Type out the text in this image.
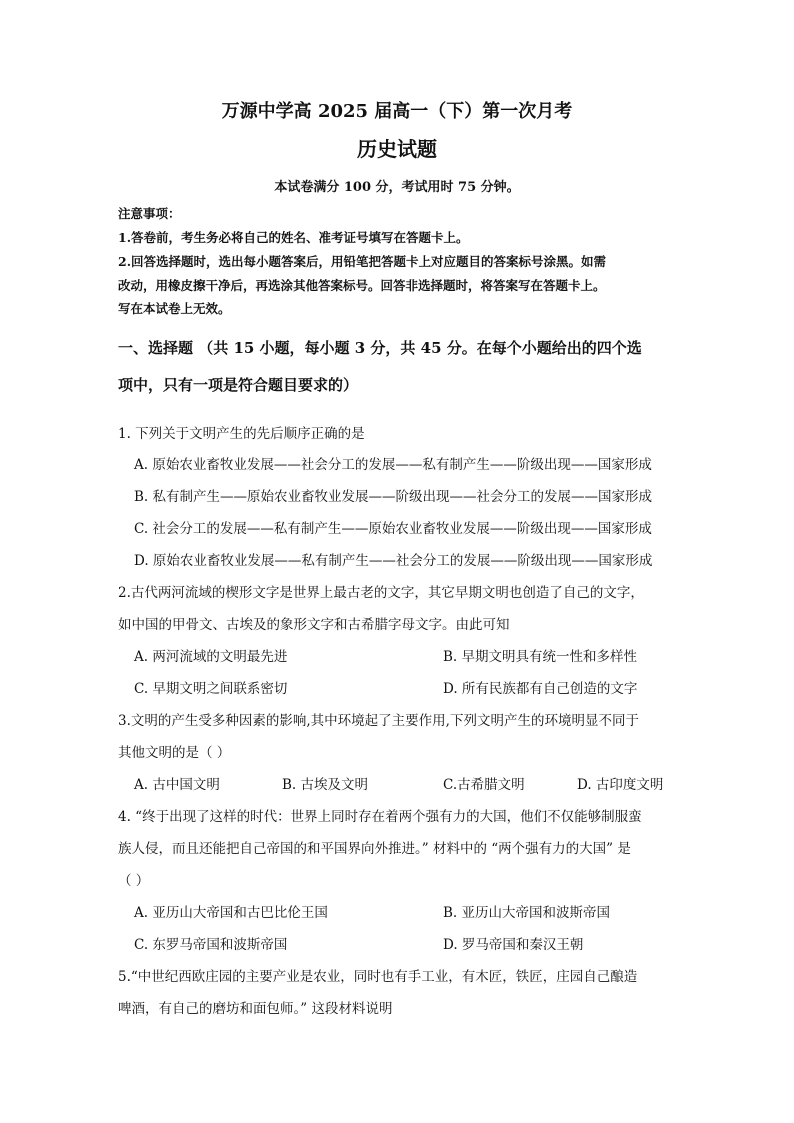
万源中学高 2025 届高一（下）第一次月考
历史试题
本试卷满分 100 分，考试用时 75 分钟。
注意事项：
1.答卷前，考生务必将自己的姓名、准考证号填写在答题卡上。
2.回答选择题时，选出每小题答案后，用铅笔把答题卡上对应题目的答案标号涂黑。如需
改动，用橡皮擦干净后，再选涂其他答案标号。回答非选择题时，将答案写在答题卡上。
写在本试卷上无效。
一、选择题 （共 15 小题，每小题 3 分，共 45 分。在每个小题给出的四个选
项中，只有一项是符合题目要求的）
1. 下列关于文明产生的先后顺序正确的是
A. 原始农业畜牧业发展——社会分工的发展——私有制产生——阶级出现——国家形成
B. 私有制产生——原始农业畜牧业发展——阶级出现——社会分工的发展——国家形成
C. 社会分工的发展——私有制产生——原始农业畜牧业发展——阶级出现——国家形成
D. 原始农业畜牧业发展——私有制产生——社会分工的发展——阶级出现——国家形成
2.古代两河流域的楔形文字是世界上最古老的文字，其它早期文明也创造了自己的文字，
如中国的甲骨文、古埃及的象形文字和古希腊字母文字。由此可知
A. 两河流域的文明最先进	B. 早期文明具有统一性和多样性
C. 早期文明之间联系密切	D. 所有民族都有自己创造的文字
3.文明的产生受多种因素的影响,其中环境起了主要作用,下列文明产生的环境明显不同于
其他文明的是（ ）
A. 古中国文明	B. 古埃及文明	C.古希腊文明	D. 古印度文明
4. “终于出现了这样的时代：世界上同时存在着两个强有力的大国，他们不仅能够制服蛮
族人侵，而且还能把自己帝国的和平国界向外推进。” 材料中的 “两个强有力的大国” 是
（ ）
A. 亚历山大帝国和古巴比伦王国	B. 亚历山大帝国和波斯帝国
C. 东罗马帝国和波斯帝国	D. 罗马帝国和秦汉王朝
5.“中世纪西欧庄园的主要产业是农业，同时也有手工业，有木匠，铁匠，庄园自己酿造
啤酒，有自己的磨坊和面包师。” 这段材料说明
